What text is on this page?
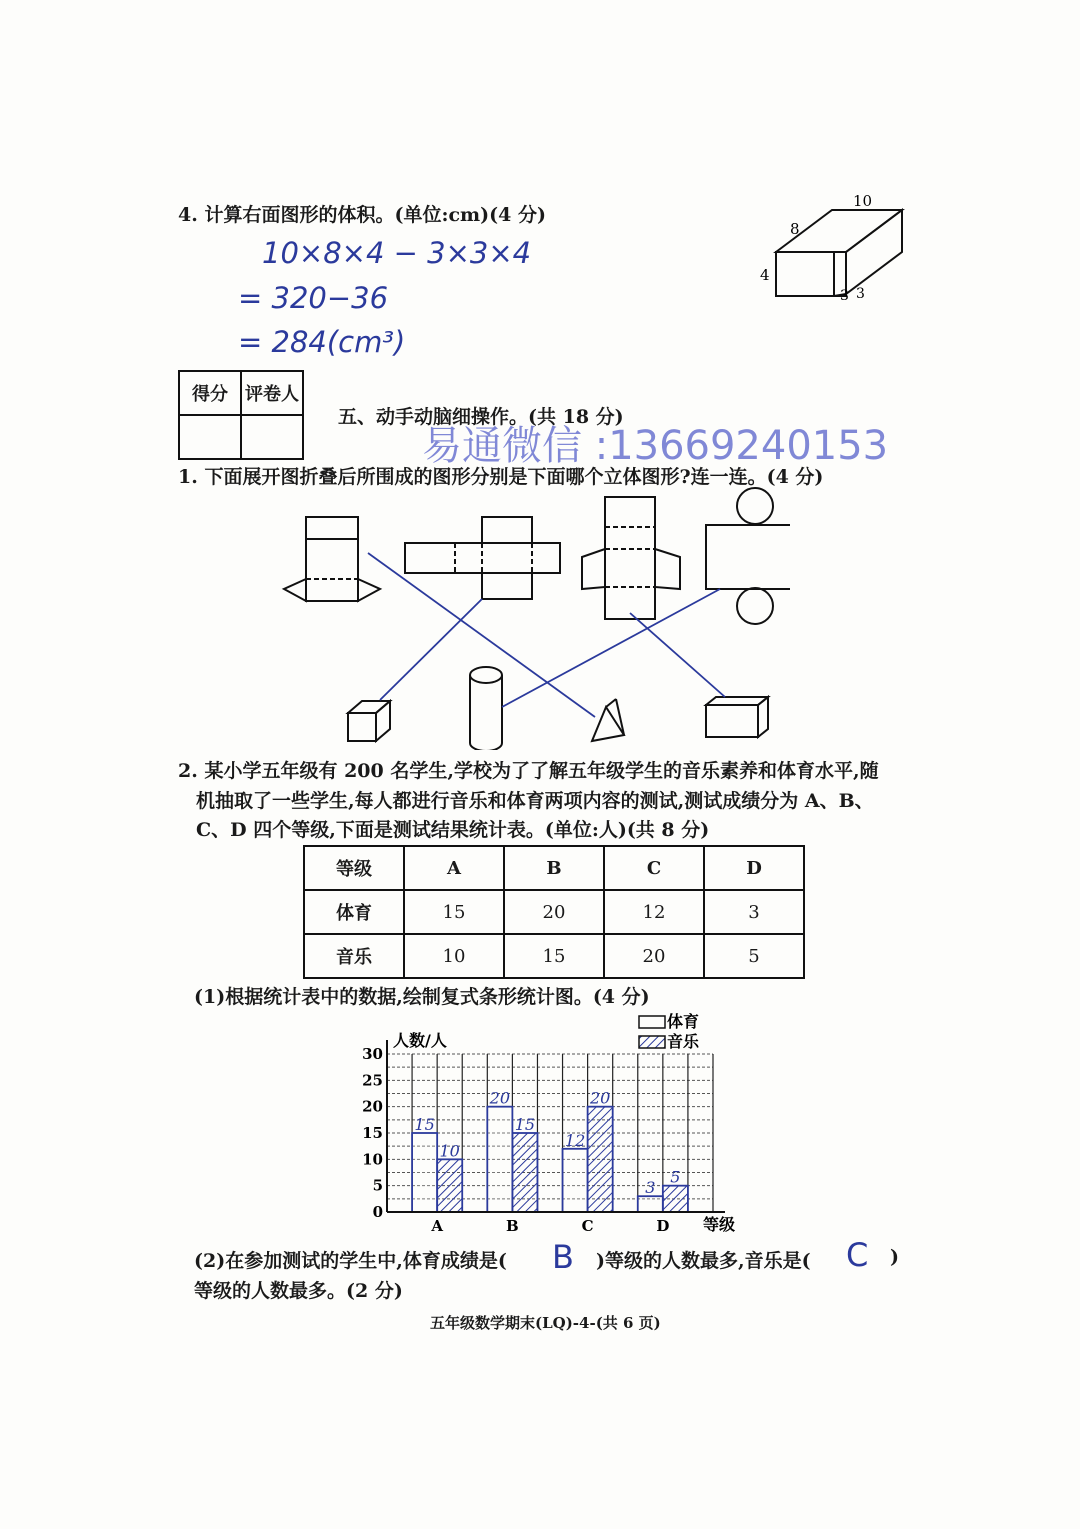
4. 计算右面图形的体积。(单位:cm)(4 分)
10×8×4 − 3×3×4
= 320−36
= 284(cm³)
10
8
4
3 3
得分	评卷人

五、动手动脑细操作。(共 18 分)
易通微信 :13669240153
1. 下面展开图折叠后所围成的图形分别是下面哪个立体图形?连一连。(4 分)
2. 某小学五年级有 200 名学生,学校为了了解五年级学生的音乐素养和体育水平,随
机抽取了一些学生,每人都进行音乐和体育两项内容的测试,测试成绩分为 A、B、
C、D 四个等级,下面是测试结果统计表。(单位:人)(共 8 分)
等级	A	B	C	D
体育	15	20	12	3
音乐	10	15	20	5
(1)根据统计表中的数据,绘制复式条形统计图。(4 分)
15
10
20
15
12
20
3
5
0
5
10
15
20
25
30
A	B	C	D
人数/人
等级
体育
音乐
(2)在参加测试的学生中,体育成绩是( B )等级的人数最多,音乐是( C )
等级的人数最多。(2 分)
五年级数学期末(LQ)-4-(共 6 页)
